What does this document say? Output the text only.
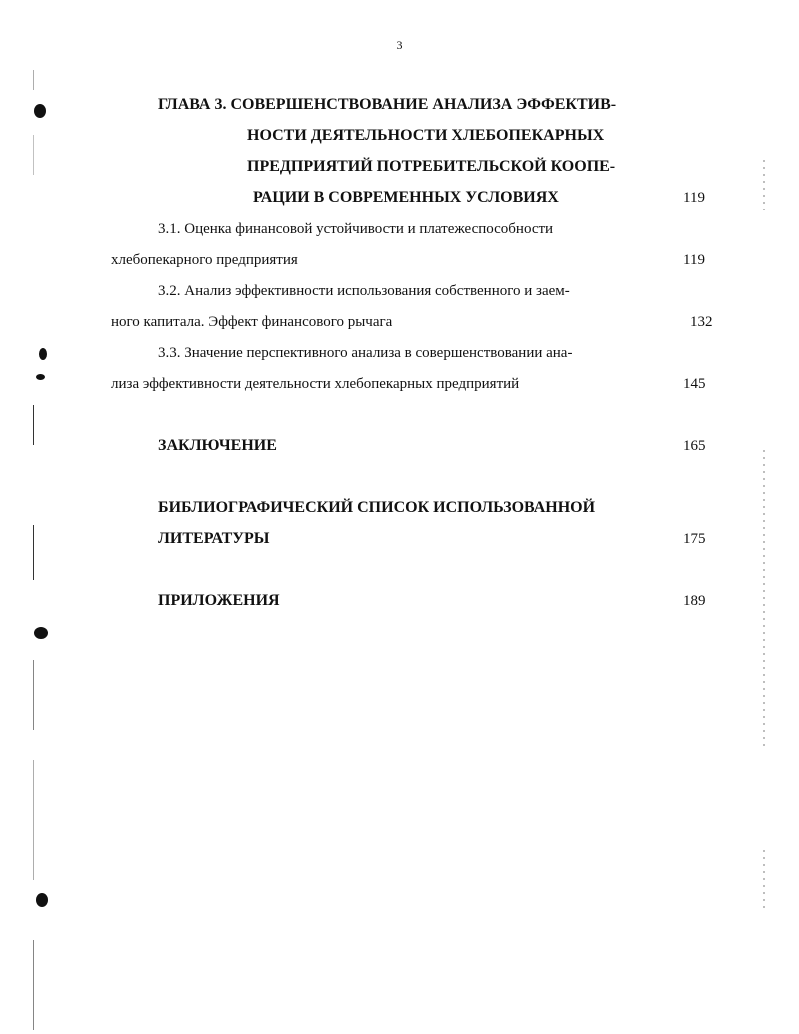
3
ГЛАВА 3. СОВЕРШЕНСТВОВАНИЕ АНАЛИЗА ЭФФЕКТИВ-
НОСТИ ДЕЯТЕЛЬНОСТИ ХЛЕБОПЕКАРНЫХ
ПРЕДПРИЯТИЙ ПОТРЕБИТЕЛЬСКОЙ КООПЕ-
РАЦИИ В СОВРЕМЕННЫХ УСЛОВИЯХ	119
3.1. Оценка финансовой устойчивости и платежеспособности
хлебопекарного предприятия	119
3.2. Анализ эффективности использования собственного и заем-
ного капитала. Эффект финансового рычага	132
3.3. Значение перспективного анализа в совершенствовании ана-
лиза эффективности деятельности хлебопекарных предприятий	145
ЗАКЛЮЧЕНИЕ	165
БИБЛИОГРАФИЧЕСКИЙ СПИСОК ИСПОЛЬЗОВАННОЙ
ЛИТЕРАТУРЫ	175
ПРИЛОЖЕНИЯ	189
